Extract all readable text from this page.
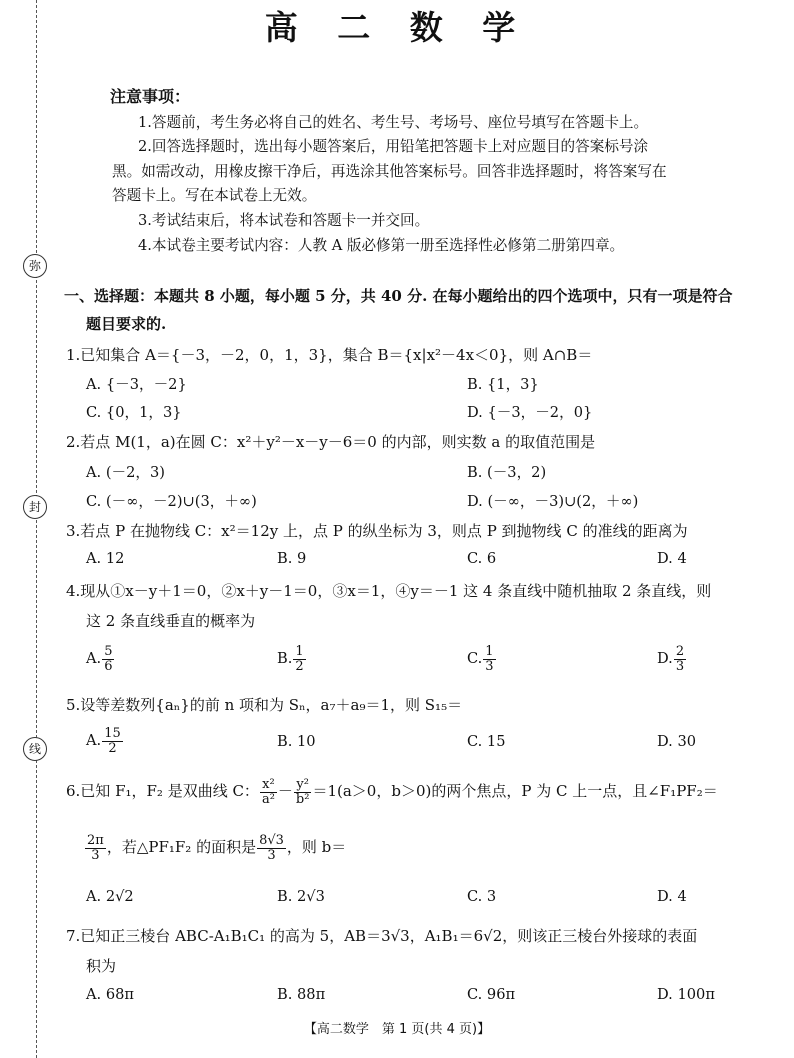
弥
封
线
高 二 数 学
注意事项：
1.答题前，考生务必将自己的姓名、考生号、考场号、座位号填写在答题卡上。
2.回答选择题时，选出每小题答案后，用铅笔把答题卡上对应题目的答案标号涂
黑。如需改动，用橡皮擦干净后，再选涂其他答案标号。回答非选择题时，将答案写在
答题卡上。写在本试卷上无效。
3.考试结束后，将本试卷和答题卡一并交回。
4.本试卷主要考试内容：人教 A 版必修第一册至选择性必修第二册第四章。
一、选择题：本题共 8 小题，每小题 5 分，共 40 分. 在每小题给出的四个选项中，只有一项是符合
题目要求的.
1.已知集合 A＝{－3，－2，0，1，3}，集合 B＝{x|x²－4x＜0}，则 A∩B＝
A. {－3，－2}	B. {1，3}
C. {0，1，3}	D. {－3，－2，0}
2.若点 M(1，a)在圆 C：x²＋y²－x－y－6＝0 的内部，则实数 a 的取值范围是
A. (－2，3)	B. (－3，2)
C. (－∞，－2)∪(3，＋∞)	D. (－∞，－3)∪(2，＋∞)
3.若点 P 在抛物线 C：x²＝12y 上，点 P 的纵坐标为 3，则点 P 到抛物线 C 的准线的距离为
A. 12	B. 9	C. 6	D. 4
4.现从①x－y＋1＝0，②x＋y－1＝0，③x＝1，④y＝－1 这 4 条直线中随机抽取 2 条直线，则
这 2 条直线垂直的概率为
A. $\frac{5}{6}$	B. $\frac{1}{2}$	C. $\frac{1}{3}$	D. $\frac{2}{3}$
5.设等差数列{aₙ}的前 n 项和为 Sₙ，a₇＋a₉＝1，则 S₁₅＝
A. $\frac{15}{2}$	B. 10	C. 15	D. 30
6.已知 F₁，F₂ 是双曲线 C： $\frac{\text{x²}}{\text{a²}} - \frac{\text{y²}}{\text{b²}} =1(a>0$，b＞0)的两个焦点，P 为 C 上一点，且∠F₁PF₂＝
$\frac{2\pi}{3}$ ，若△PF₁F₂ 的面积是 $\frac{8√3}{3}$ ，则 b＝
A. 2√2	B. 2√3	C. 3	D. 4
7.已知正三棱台 ABC-A₁B₁C₁ 的高为 5，AB＝3√3，A₁B₁＝6√2，则该正三棱台外接球的表面
积为
A. 68π	B. 88π	C. 96π	D. 100π
【高二数学　第 1 页(共 4 页)】
